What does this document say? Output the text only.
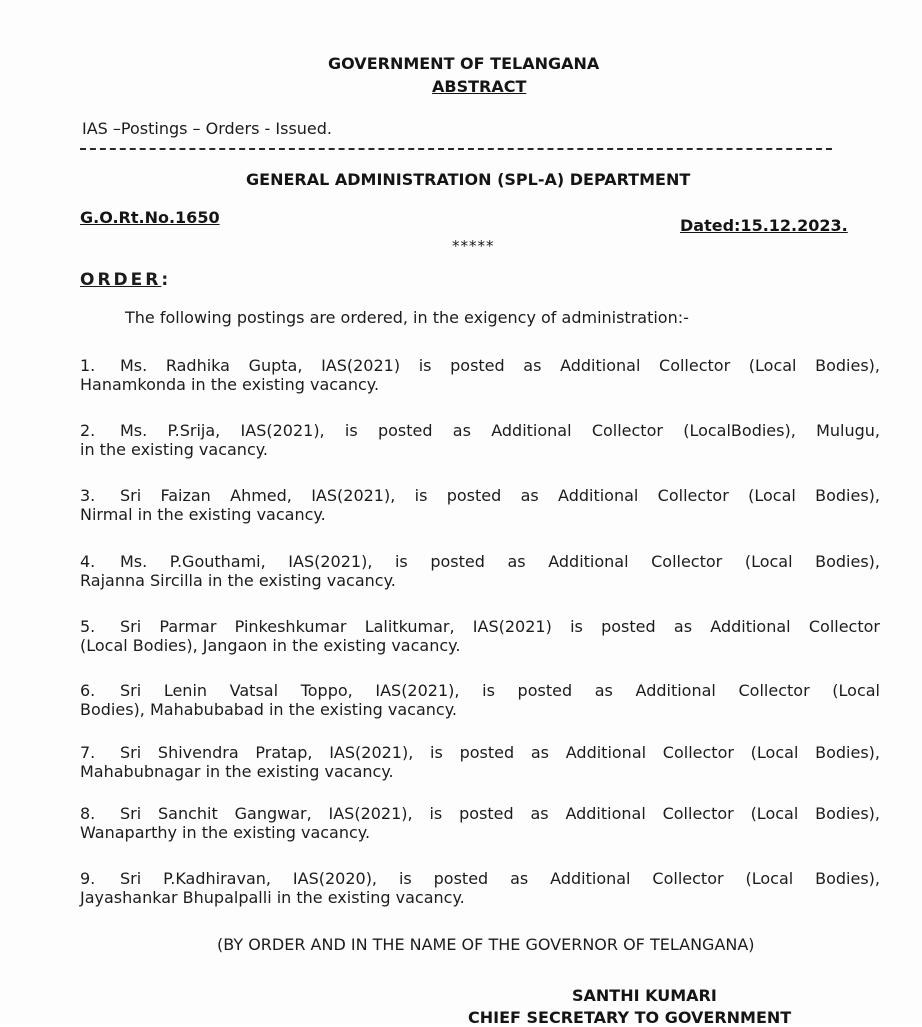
GOVERNMENT OF TELANGANA
ABSTRACT
IAS –Postings – Orders - Issued.
GENERAL ADMINISTRATION (SPL-A) DEPARTMENT
G.O.Rt.No.1650	Dated:15.12.2023.
*****
ORDER:
The following postings are ordered, in the exigency of administration:-
1. Ms. Radhika Gupta, IAS(2021) is posted as Additional Collector (Local Bodies),
Hanamkonda in the existing vacancy.
2. Ms. P.Srija, IAS(2021), is posted as Additional Collector (LocalBodies), Mulugu,
in the existing vacancy.
3. Sri Faizan Ahmed, IAS(2021), is posted as Additional Collector (Local Bodies),
Nirmal in the existing vacancy.
4. Ms. P.Gouthami, IAS(2021), is posted as Additional Collector (Local Bodies),
Rajanna Sircilla in the existing vacancy.
5. Sri Parmar Pinkeshkumar Lalitkumar, IAS(2021) is posted as Additional Collector
(Local Bodies), Jangaon in the existing vacancy.
6. Sri Lenin Vatsal Toppo, IAS(2021), is posted as Additional Collector (Local
Bodies), Mahabubabad in the existing vacancy.
7. Sri Shivendra Pratap, IAS(2021), is posted as Additional Collector (Local Bodies),
Mahabubnagar in the existing vacancy.
8. Sri Sanchit Gangwar, IAS(2021), is posted as Additional Collector (Local Bodies),
Wanaparthy in the existing vacancy.
9. Sri P.Kadhiravan, IAS(2020), is posted as Additional Collector (Local Bodies),
Jayashankar Bhupalpalli in the existing vacancy.
(BY ORDER AND IN THE NAME OF THE GOVERNOR OF TELANGANA)
SANTHI KUMARI
CHIEF SECRETARY TO GOVERNMENT
